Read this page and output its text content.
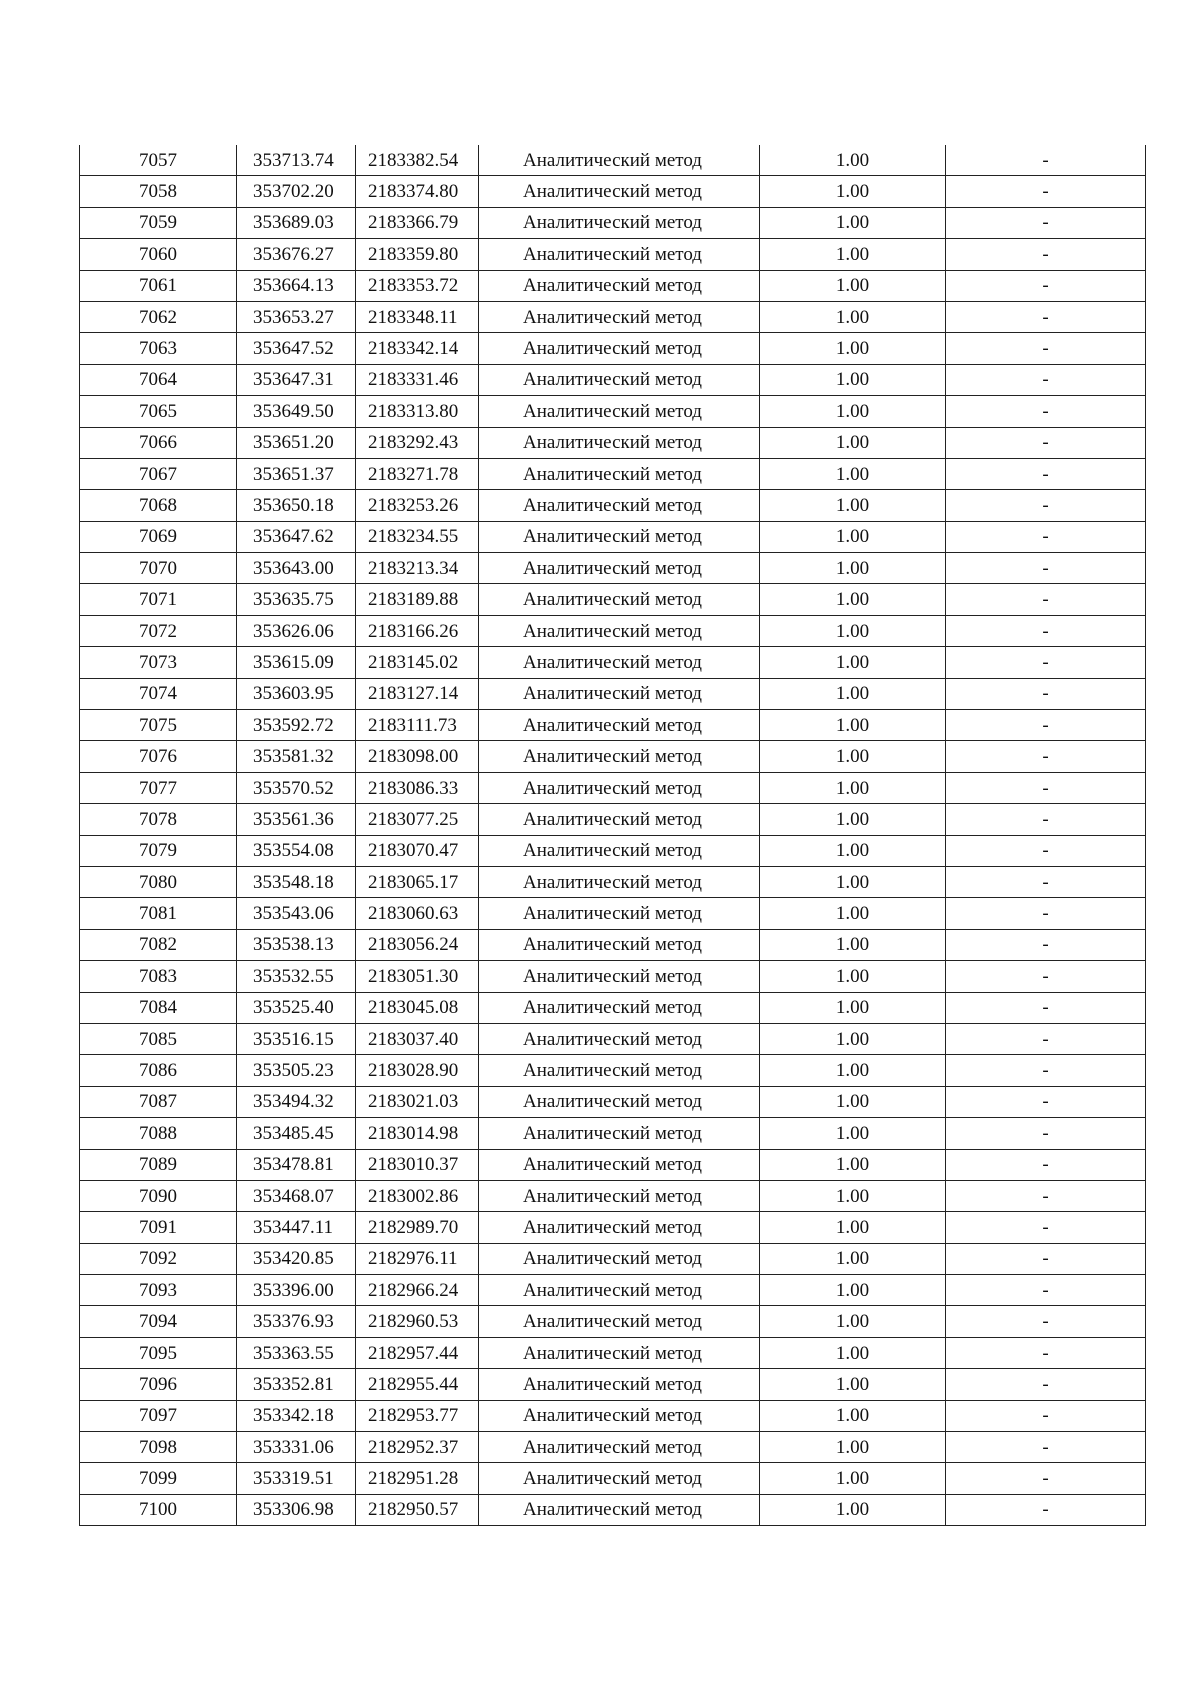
7057	353713.74	2183382.54	Аналитический метод	1.00	-
7058	353702.20	2183374.80	Аналитический метод	1.00	-
7059	353689.03	2183366.79	Аналитический метод	1.00	-
7060	353676.27	2183359.80	Аналитический метод	1.00	-
7061	353664.13	2183353.72	Аналитический метод	1.00	-
7062	353653.27	2183348.11	Аналитический метод	1.00	-
7063	353647.52	2183342.14	Аналитический метод	1.00	-
7064	353647.31	2183331.46	Аналитический метод	1.00	-
7065	353649.50	2183313.80	Аналитический метод	1.00	-
7066	353651.20	2183292.43	Аналитический метод	1.00	-
7067	353651.37	2183271.78	Аналитический метод	1.00	-
7068	353650.18	2183253.26	Аналитический метод	1.00	-
7069	353647.62	2183234.55	Аналитический метод	1.00	-
7070	353643.00	2183213.34	Аналитический метод	1.00	-
7071	353635.75	2183189.88	Аналитический метод	1.00	-
7072	353626.06	2183166.26	Аналитический метод	1.00	-
7073	353615.09	2183145.02	Аналитический метод	1.00	-
7074	353603.95	2183127.14	Аналитический метод	1.00	-
7075	353592.72	2183111.73	Аналитический метод	1.00	-
7076	353581.32	2183098.00	Аналитический метод	1.00	-
7077	353570.52	2183086.33	Аналитический метод	1.00	-
7078	353561.36	2183077.25	Аналитический метод	1.00	-
7079	353554.08	2183070.47	Аналитический метод	1.00	-
7080	353548.18	2183065.17	Аналитический метод	1.00	-
7081	353543.06	2183060.63	Аналитический метод	1.00	-
7082	353538.13	2183056.24	Аналитический метод	1.00	-
7083	353532.55	2183051.30	Аналитический метод	1.00	-
7084	353525.40	2183045.08	Аналитический метод	1.00	-
7085	353516.15	2183037.40	Аналитический метод	1.00	-
7086	353505.23	2183028.90	Аналитический метод	1.00	-
7087	353494.32	2183021.03	Аналитический метод	1.00	-
7088	353485.45	2183014.98	Аналитический метод	1.00	-
7089	353478.81	2183010.37	Аналитический метод	1.00	-
7090	353468.07	2183002.86	Аналитический метод	1.00	-
7091	353447.11	2182989.70	Аналитический метод	1.00	-
7092	353420.85	2182976.11	Аналитический метод	1.00	-
7093	353396.00	2182966.24	Аналитический метод	1.00	-
7094	353376.93	2182960.53	Аналитический метод	1.00	-
7095	353363.55	2182957.44	Аналитический метод	1.00	-
7096	353352.81	2182955.44	Аналитический метод	1.00	-
7097	353342.18	2182953.77	Аналитический метод	1.00	-
7098	353331.06	2182952.37	Аналитический метод	1.00	-
7099	353319.51	2182951.28	Аналитический метод	1.00	-
7100	353306.98	2182950.57	Аналитический метод	1.00	-
